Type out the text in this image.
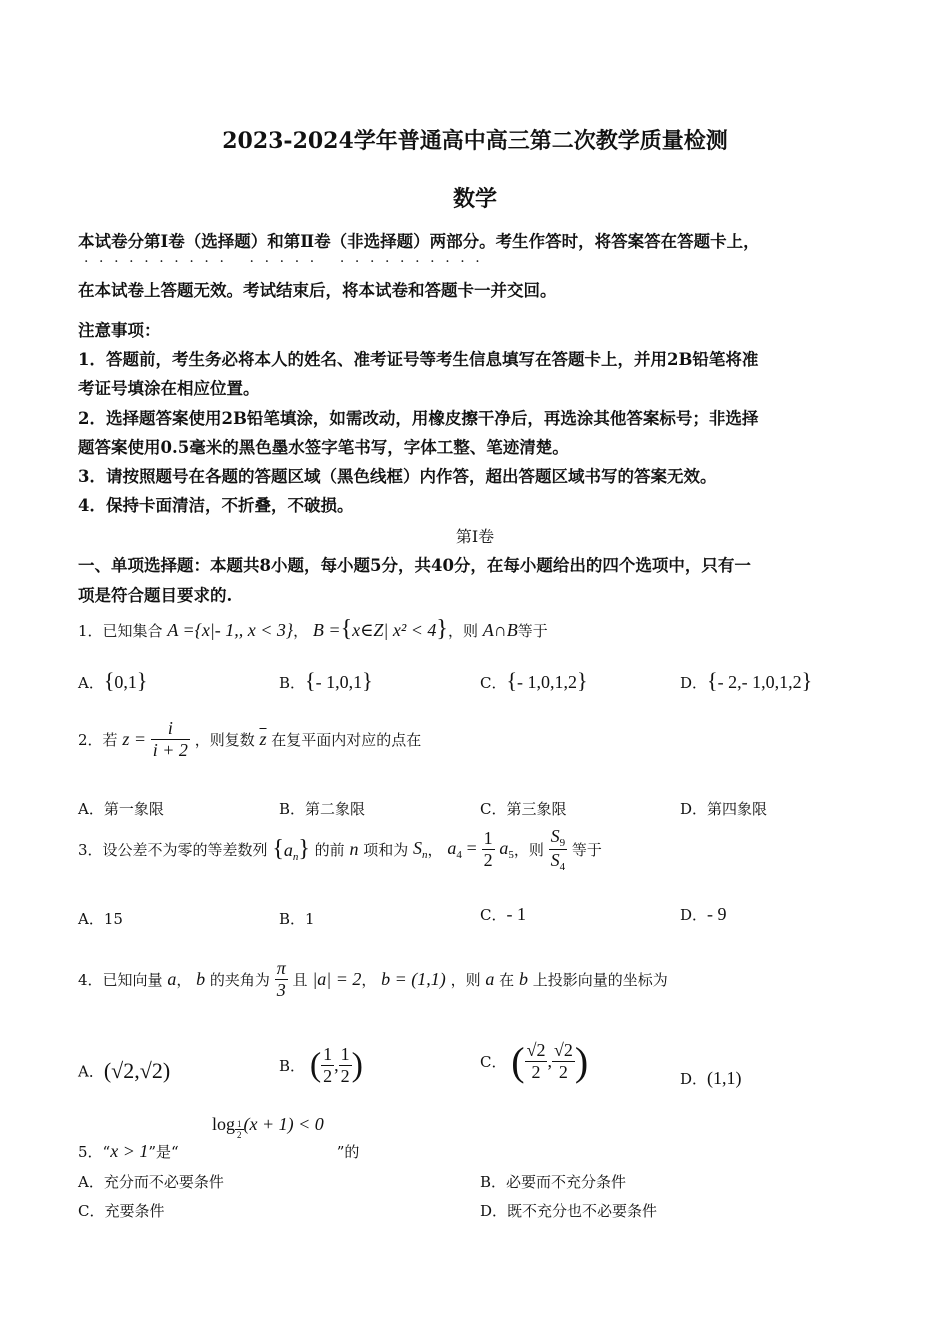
2023-2024学年普通高中高三第二次教学质量检测
数学
本试卷分第Ⅰ卷（选择题）和第Ⅱ卷（非选择题）两部分。考生作答时，将答案答在答题卡上，
·········· ····· ··········
在本试卷上答题无效。考试结束后，将本试卷和答题卡一并交回。
注意事项：
1．答题前，考生务必将本人的姓名、准考证号等考生信息填写在答题卡上，并用2B铅笔将准
考证号填涂在相应位置。
2．选择题答案使用2B铅笔填涂，如需改动，用橡皮擦干净后，再选涂其他答案标号；非选择
题答案使用0.5毫米的黑色墨水签字笔书写，字体工整、笔迹清楚。
3．请按照题号在各题的答题区域（黑色线框）内作答，超出答题区域书写的答案无效。
4．保持卡面清洁，不折叠，不破损。
第Ⅰ卷
一、单项选择题：本题共8小题，每小题5分，共40分，在每小题给出的四个选项中，只有一
项是符合题目要求的.
1．已知集合 A ={x|- 1,, x < 3}， B ={x∈Z| x² < 4}，则 A∩B等于
A．{0,1}	B．{- 1,0,1}	C．{- 1,0,1,2}	D．{- 2,- 1,0,1,2}
2．若 $z = \frac{i}{i + 2}$ ，则复数 $\overline{z}$ 在复平面内对应的点在
A．第一象限	B．第二象限	C．第三象限	D．第四象限
3．设公差不为零的等差数列 $\{a_n\}$ 的前 n 项和为 $S_n$， $a_4 = \frac{1}{2} a_5$，则 $\frac{S_9}{S_4}$ 等于
A．15	B．1	C．- 1	D．- 9
4．已知向量 a， b 的夹角为 $\frac{\pi}{3}$ 且 |a| = 2， b = (1,1) ，则 a 在 b 上投影向量的坐标为
A．(√2,√2)	B． ( $\frac{1}{2}$ , $\frac{1}{2}$ )	C． ( $\frac{√2}{2}$ , $\frac{√2}{2}$ )	D．(1,1)
$\log \frac{1}{2} (x + 1) < 0$
5．“x > 1”是“	”的
A．充分而不必要条件	B．必要而不充分条件
C．充要条件	D．既不充分也不必要条件
